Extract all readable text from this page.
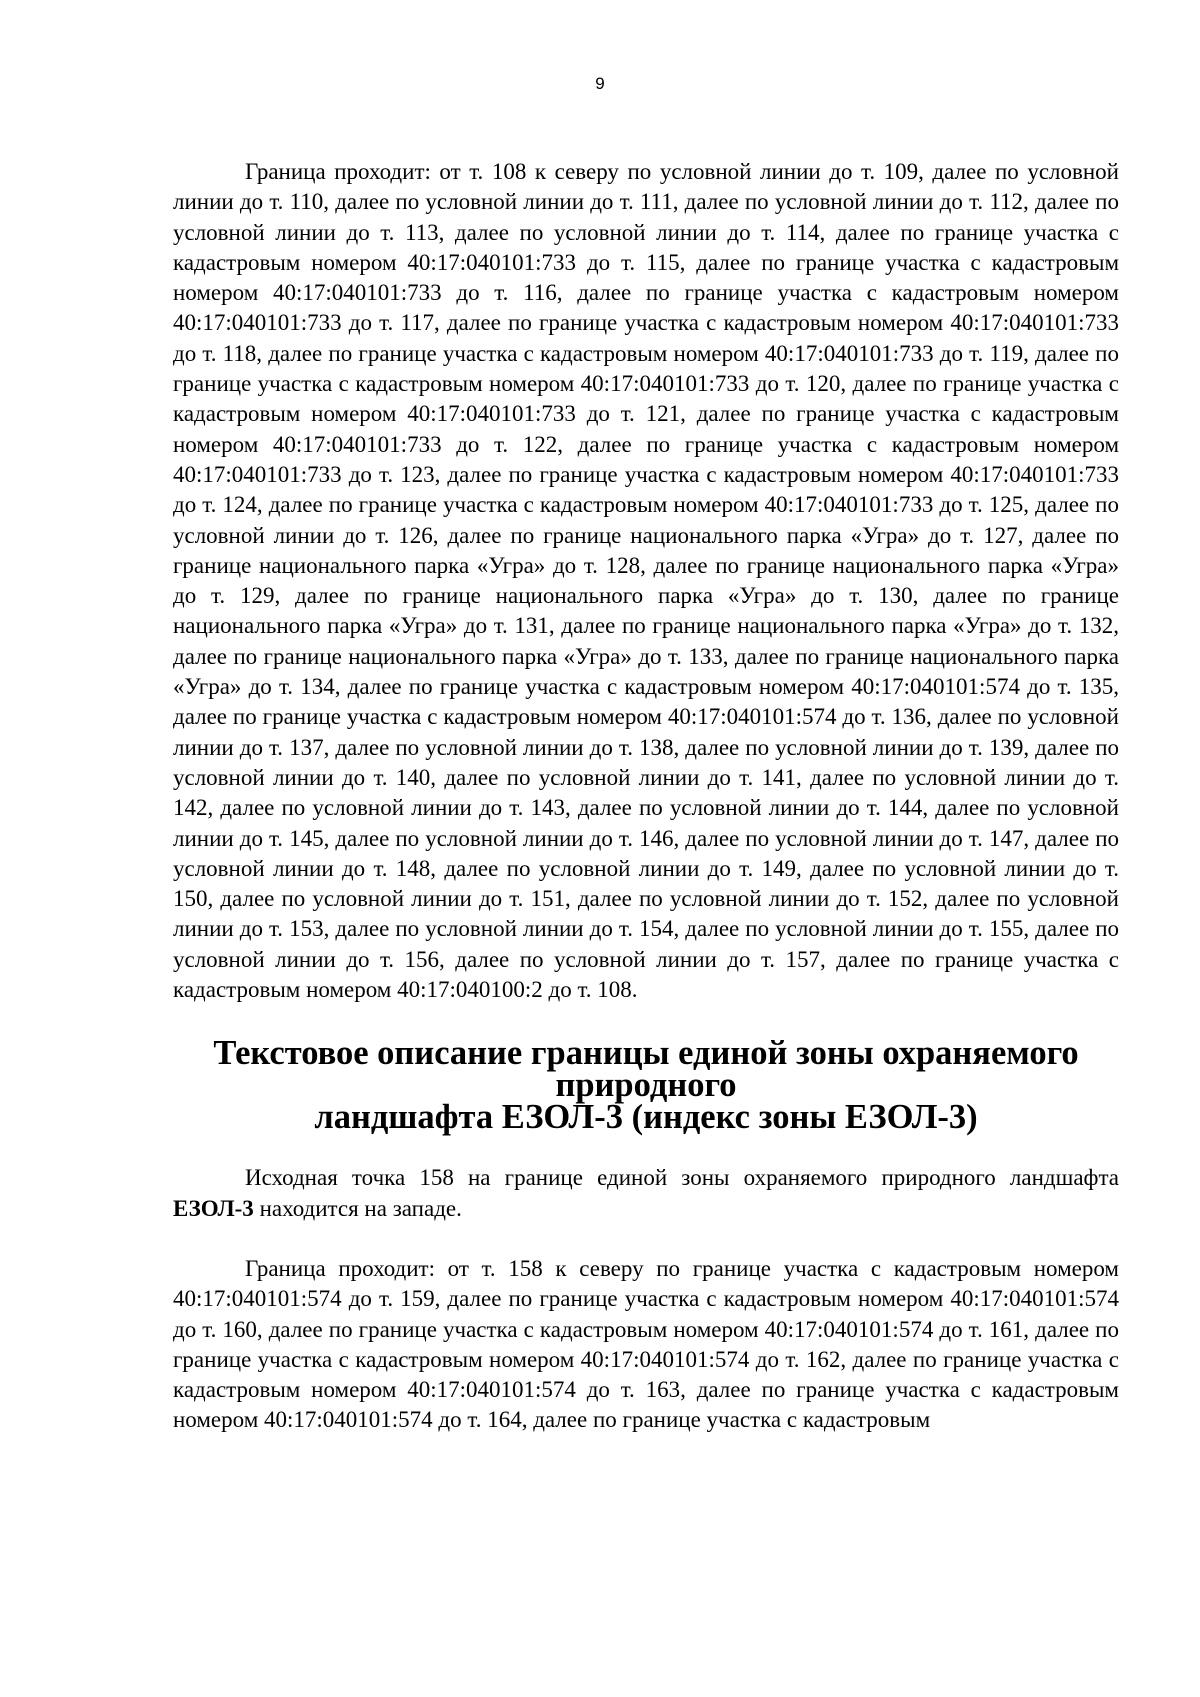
9

Граница проходит: от т. 108 к северу по условной линии до т. 109, далее по условной линии до т. 110, далее по условной линии до т. 111, далее по условной линии до т. 112, далее по условной линии до т. 113, далее по условной линии до т. 114, далее по границе участка с кадастровым номером 40:17:040101:733 до т. 115, далее по границе участка с кадастровым номером 40:17:040101:733 до т. 116, далее по границе участка с кадастровым номером 40:17:040101:733 до т. 117, далее по границе участка с кадастровым номером 40:17:040101:733 до т. 118, далее по границе участка с кадастровым номером 40:17:040101:733 до т. 119, далее по границе участка с кадастровым номером 40:17:040101:733 до т. 120, далее по границе участка с кадастровым номером 40:17:040101:733 до т. 121, далее по границе участка с кадастровым номером 40:17:040101:733 до т. 122, далее по границе участка с кадастровым номером 40:17:040101:733 до т. 123, далее по границе участка с кадастровым номером 40:17:040101:733 до т. 124, далее по границе участка с кадастровым номером 40:17:040101:733 до т. 125, далее по условной линии до т. 126, далее по границе национального парка «Угра» до т. 127, далее по границе национального парка «Угра» до т. 128, далее по границе национального парка «Угра» до т. 129, далее по границе национального парка «Угра» до т. 130, далее по границе национального парка «Угра» до т. 131, далее по границе национального парка «Угра» до т. 132, далее по границе национального парка «Угра» до т. 133, далее по границе национального парка «Угра» до т. 134, далее по границе участка с кадастровым номером 40:17:040101:574 до т. 135, далее по границе участка с кадастровым номером 40:17:040101:574 до т. 136, далее по условной линии до т. 137, далее по условной линии до т. 138, далее по условной линии до т. 139, далее по условной линии до т. 140, далее по условной линии до т. 141, далее по условной линии до т. 142, далее по условной линии до т. 143, далее по условной линии до т. 144, далее по условной линии до т. 145, далее по условной линии до т. 146, далее по условной линии до т. 147, далее по условной линии до т. 148, далее по условной линии до т. 149, далее по условной линии до т. 150, далее по условной линии до т. 151, далее по условной линии до т. 152, далее по условной линии до т. 153, далее по условной линии до т. 154, далее по условной линии до т. 155, далее по условной линии до т. 156, далее по условной линии до т. 157, далее по границе участка с кадастровым номером 40:17:040100:2 до т. 108.

Текстовое описание границы единой зоны охраняемого природного
ландшафта ЕЗОЛ-3 (индекс зоны ЕЗОЛ-3)

Исходная точка 158 на границе единой зоны охраняемого природного ландшафта ЕЗОЛ-3 находится на западе.

Граница проходит: от т. 158 к северу по границе участка с кадастровым номером 40:17:040101:574 до т. 159, далее по границе участка с кадастровым номером 40:17:040101:574 до т. 160, далее по границе участка с кадастровым номером 40:17:040101:574 до т. 161, далее по границе участка с кадастровым номером 40:17:040101:574 до т. 162, далее по границе участка с кадастровым номером 40:17:040101:574 до т. 163, далее по границе участка с кадастровым номером 40:17:040101:574 до т. 164, далее по границе участка с кадастровым
